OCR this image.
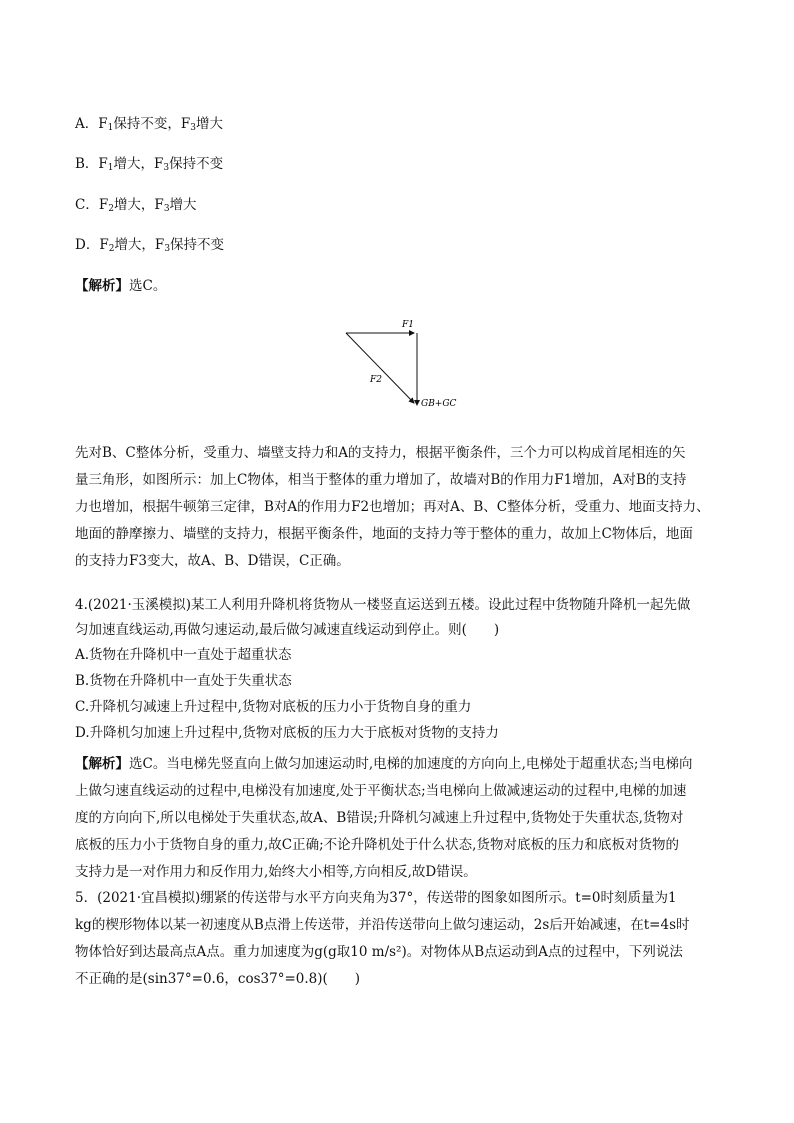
A．$F_1$保持不变，$F_3$增大
B．$F_1$增大，$F_3$保持不变
C．$F_2$增大，$F_3$增大
D．$F_2$增大，$F_3$保持不变
【解析】选C。
F1
F2
GB+GC
先对B、C整体分析，受重力、墙壁支持力和A的支持力，根据平衡条件，三个力可以构成首尾相连的矢
量三角形，如图所示：加上C物体，相当于整体的重力增加了，故墙对B的作用力F1增加，A对B的支持
力也增加，根据牛顿第三定律，B对A的作用力F2也增加；再对A、B、C整体分析，受重力、地面支持力、
地面的静摩擦力、墙壁的支持力，根据平衡条件，地面的支持力等于整体的重力，故加上C物体后，地面
的支持力F3变大，故A、B、D错误，C正确。
4.(2021·玉溪模拟)某工人利用升降机将货物从一楼竖直运送到五楼。设此过程中货物随升降机一起先做
匀加速直线运动,再做匀速运动,最后做匀减速直线运动到停止。则(　　)
A.货物在升降机中一直处于超重状态
B.货物在升降机中一直处于失重状态
C.升降机匀减速上升过程中,货物对底板的压力小于货物自身的重力
D.升降机匀加速上升过程中,货物对底板的压力大于底板对货物的支持力
【解析】选C。当电梯先竖直向上做匀加速运动时,电梯的加速度的方向向上,电梯处于超重状态;当电梯向
上做匀速直线运动的过程中,电梯没有加速度,处于平衡状态;当电梯向上做减速运动的过程中,电梯的加速
度的方向向下,所以电梯处于失重状态,故A、B错误;升降机匀减速上升过程中,货物处于失重状态,货物对
底板的压力小于货物自身的重力,故C正确;不论升降机处于什么状态,货物对底板的压力和底板对货物的
支持力是一对作用力和反作用力,始终大小相等,方向相反,故D错误。
5．(2021·宜昌模拟)绷紧的传送带与水平方向夹角为37°，传送带的图象如图所示。t=0时刻质量为1
kg的楔形物体以某一初速度从B点滑上传送带，并沿传送带向上做匀速运动，2s后开始减速，在t=4s时
物体恰好到达最高点A点。重力加速度为g(g取10 m/s²)。对物体从B点运动到A点的过程中，下列说法
不正确的是(sin37°=0.6，cos37°=0.8)(　　)
